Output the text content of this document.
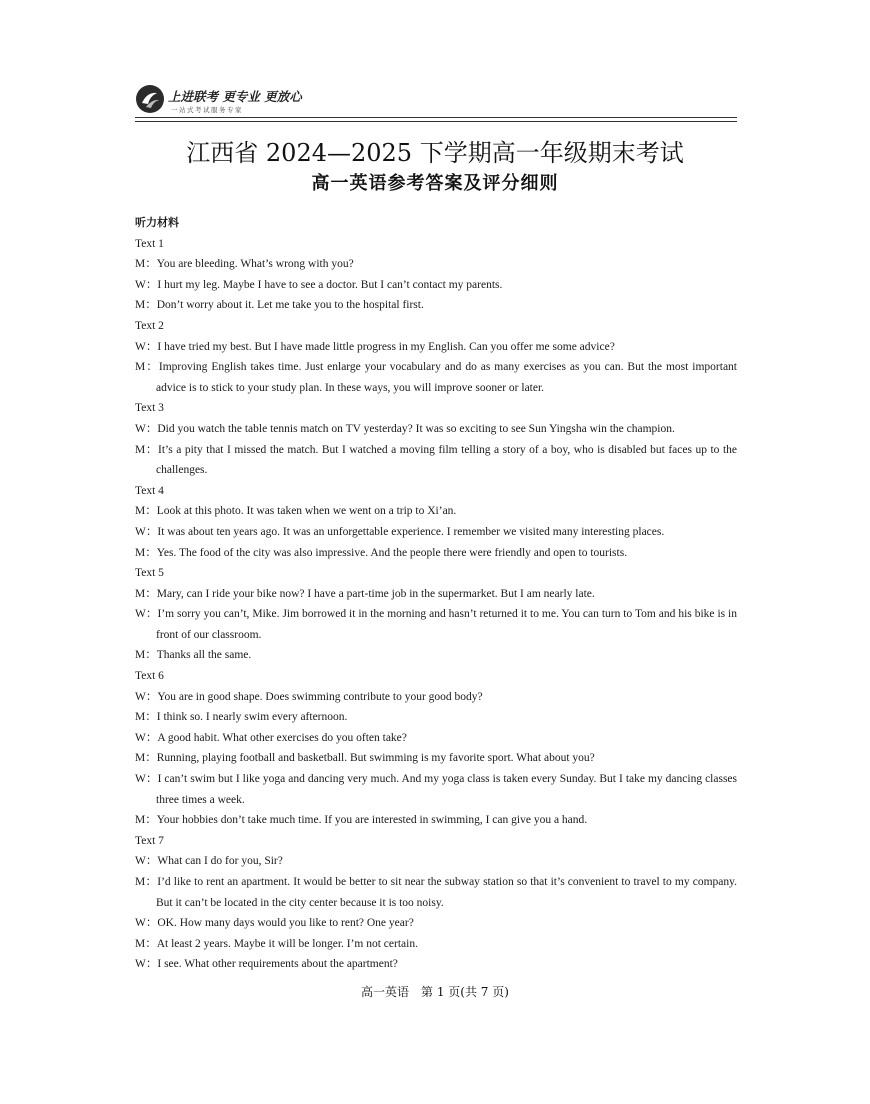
上进联考 更专业 更放心
一站式考试服务专家
江西省 2024—2025 下学期高一年级期末考试
高一英语参考答案及评分细则
听力材料
Text 1
M：You are bleeding. What’s wrong with you?
W：I hurt my leg. Maybe I have to see a doctor. But I can’t contact my parents.
M：Don’t worry about it. Let me take you to the hospital first.
Text 2
W：I have tried my best. But I have made little progress in my English. Can you offer me some advice?
M：Improving English takes time. Just enlarge your vocabulary and do as many exercises as you can. But the most important advice is to stick to your study plan. In these ways, you will improve sooner or later.
Text 3
W：Did you watch the table tennis match on TV yesterday? It was so exciting to see Sun Yingsha win the champion.
M：It’s a pity that I missed the match. But I watched a moving film telling a story of a boy, who is disabled but faces up to the challenges.
Text 4
M：Look at this photo. It was taken when we went on a trip to Xi’an.
W：It was about ten years ago. It was an unforgettable experience. I remember we visited many interesting places.
M：Yes. The food of the city was also impressive. And the people there were friendly and open to tourists.
Text 5
M：Mary, can I ride your bike now? I have a part-time job in the supermarket. But I am nearly late.
W：I’m sorry you can’t, Mike. Jim borrowed it in the morning and hasn’t returned it to me. You can turn to Tom and his bike is in front of our classroom.
M：Thanks all the same.
Text 6
W：You are in good shape. Does swimming contribute to your good body?
M：I think so. I nearly swim every afternoon.
W：A good habit. What other exercises do you often take?
M：Running, playing football and basketball. But swimming is my favorite sport. What about you?
W：I can’t swim but I like yoga and dancing very much. And my yoga class is taken every Sunday. But I take my dancing classes three times a week.
M：Your hobbies don’t take much time. If you are interested in swimming, I can give you a hand.
Text 7
W：What can I do for you, Sir?
M：I’d like to rent an apartment. It would be better to sit near the subway station so that it’s convenient to travel to my company. But it can’t be located in the city center because it is too noisy.
W：OK. How many days would you like to rent? One year?
M：At least 2 years. Maybe it will be longer. I’m not certain.
W：I see. What other requirements about the apartment?
高一英语　第 1 页(共 7 页)
